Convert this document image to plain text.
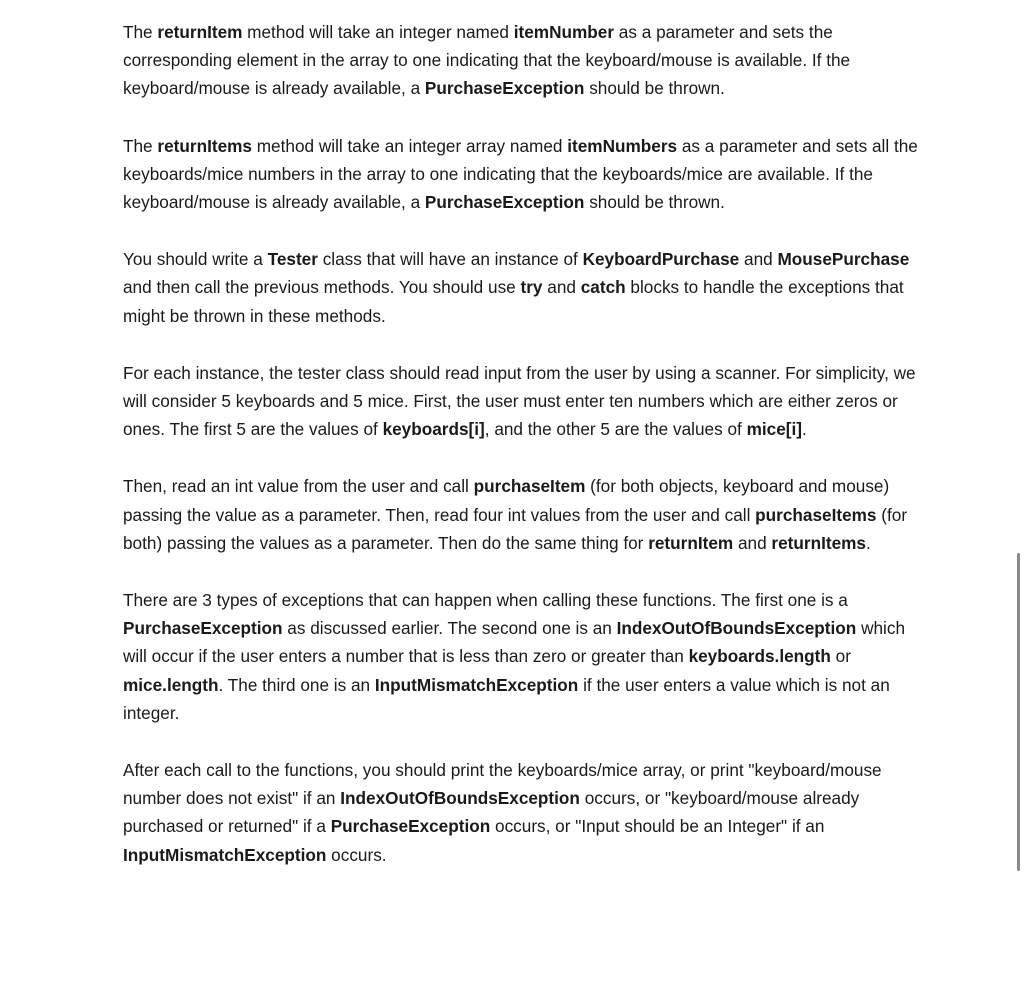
The returnItem method will take an integer named itemNumber as a parameter and sets the corresponding element in the array to one indicating that the keyboard/mouse is available. If the keyboard/mouse is already available, a PurchaseException should be thrown.

The returnItems method will take an integer array named itemNumbers as a parameter and sets all the keyboards/mice numbers in the array to one indicating that the keyboards/mice are available. If the keyboard/mouse is already available, a PurchaseException should be thrown.

You should write a Tester class that will have an instance of KeyboardPurchase and MousePurchase and then call the previous methods. You should use try and catch blocks to handle the exceptions that might be thrown in these methods.

For each instance, the tester class should read input from the user by using a scanner. For simplicity, we will consider 5 keyboards and 5 mice. First, the user must enter ten numbers which are either zeros or ones. The first 5 are the values of keyboards[i], and the other 5 are the values of mice[i].

Then, read an int value from the user and call purchaseItem (for both objects, keyboard and mouse) passing the value as a parameter. Then, read four int values from the user and call purchaseItems (for both) passing the values as a parameter. Then do the same thing for returnItem and returnItems.

There are 3 types of exceptions that can happen when calling these functions. The first one is a PurchaseException as discussed earlier. The second one is an IndexOutOfBoundsException which will occur if the user enters a number that is less than zero or greater than keyboards.length or mice.length. The third one is an InputMismatchException if the user enters a value which is not an integer.

After each call to the functions, you should print the keyboards/mice array, or print "keyboard/mouse number does not exist" if an IndexOutOfBoundsException occurs, or "keyboard/mouse already purchased or returned" if a PurchaseException occurs, or "Input should be an Integer" if an InputMismatchException occurs.
